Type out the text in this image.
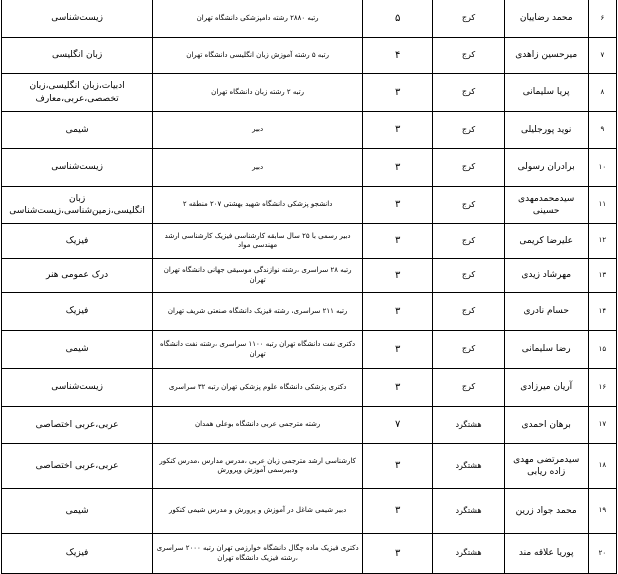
۶	محمد رضاییان	کرج	۵	رتبه ۲۸۸۰ رشته دامپزشکی دانشگاه تهران	زیست‌شناسی
۷	میرحسین زاهدی	کرج	۴	رتبه ۵ رشته آموزش زبان انگلیسی دانشگاه تهران	زبان انگلیسی
۸	پریا سلیمانی	کرج	۳	رتبه ۲ رشته زبان دانشگاه تهران	ادبیات،زبان انگلیسی،زبان تخصصی،عربی،معارف
۹	نوید پورجلیلی	کرج	۳	دبیر	شیمی
۱۰	برادران رسولی	کرج	۳	دبیر	زیست‌شناسی
۱۱	سیدمحمدمهدی حسینی	کرج	۳	دانشجو پزشکی دانشگاه شهید بهشتی ۲۰۷ منطقه ۲	زبان انگلیسی،زمین‌شناسی،زیست‌شناسی
۱۲	علیرضا کریمی	کرج	۳	دبیر رسمی با ۲۵ سال سابقه کارشناسی فیزیک کارشناسی ارشد مهندسی مواد	فیزیک
۱۳	مهرشاد زیدی	کرج	۳	رتبه ۲۸ سراسری ،رشته نوازندگی موسیقی جهانی دانشگاه تهران تهران	درک عمومی هنر
۱۴	حسام نادری	کرج	۳	رتبه ۲۱۱ سراسری، رشته فیزیک دانشگاه صنعتی شریف تهران	فیزیک
۱۵	رضا سلیمانی	کرج	۳	دکتری نفت دانشگاه تهران رتبه ۱۱۰۰ سراسری ،رشته نفت دانشگاه تهران	شیمی
۱۶	آریان میرزادی	کرج	۳	دکتری پزشکی دانشگاه علوم پزشکی تهران رتبه ۳۲ سراسری	زیست‌شناسی
۱۷	برهان احمدی	هشتگرد	۷	رشته مترجمی عربی دانشگاه بوعلی همدان	عربی،عربی اختصاصی
۱۸	سیدمرتضی مهدی زاده ریابی	هشتگرد	۳	کارشناسی ارشد مترجمی زبان عربی ،مدرس مدارس ،مدرس کنکور ودبیرسمی آموزش وپرورش	عربی،عربی اختصاصی
۱۹	محمد جواد زرین	هشتگرد	۳	دبیر شیمی شاغل در آموزش و پرورش و مدرس شیمی کنکور	شیمی
۲۰	پوریا علاقه مند	هشتگرد	۳	دکتری فیزیک ماده چگال دانشگاه خوارزمی تهران رتبه ۲۰۰۰ سراسری ،رشته فیزیک دانشگاه تهران	فیزیک
